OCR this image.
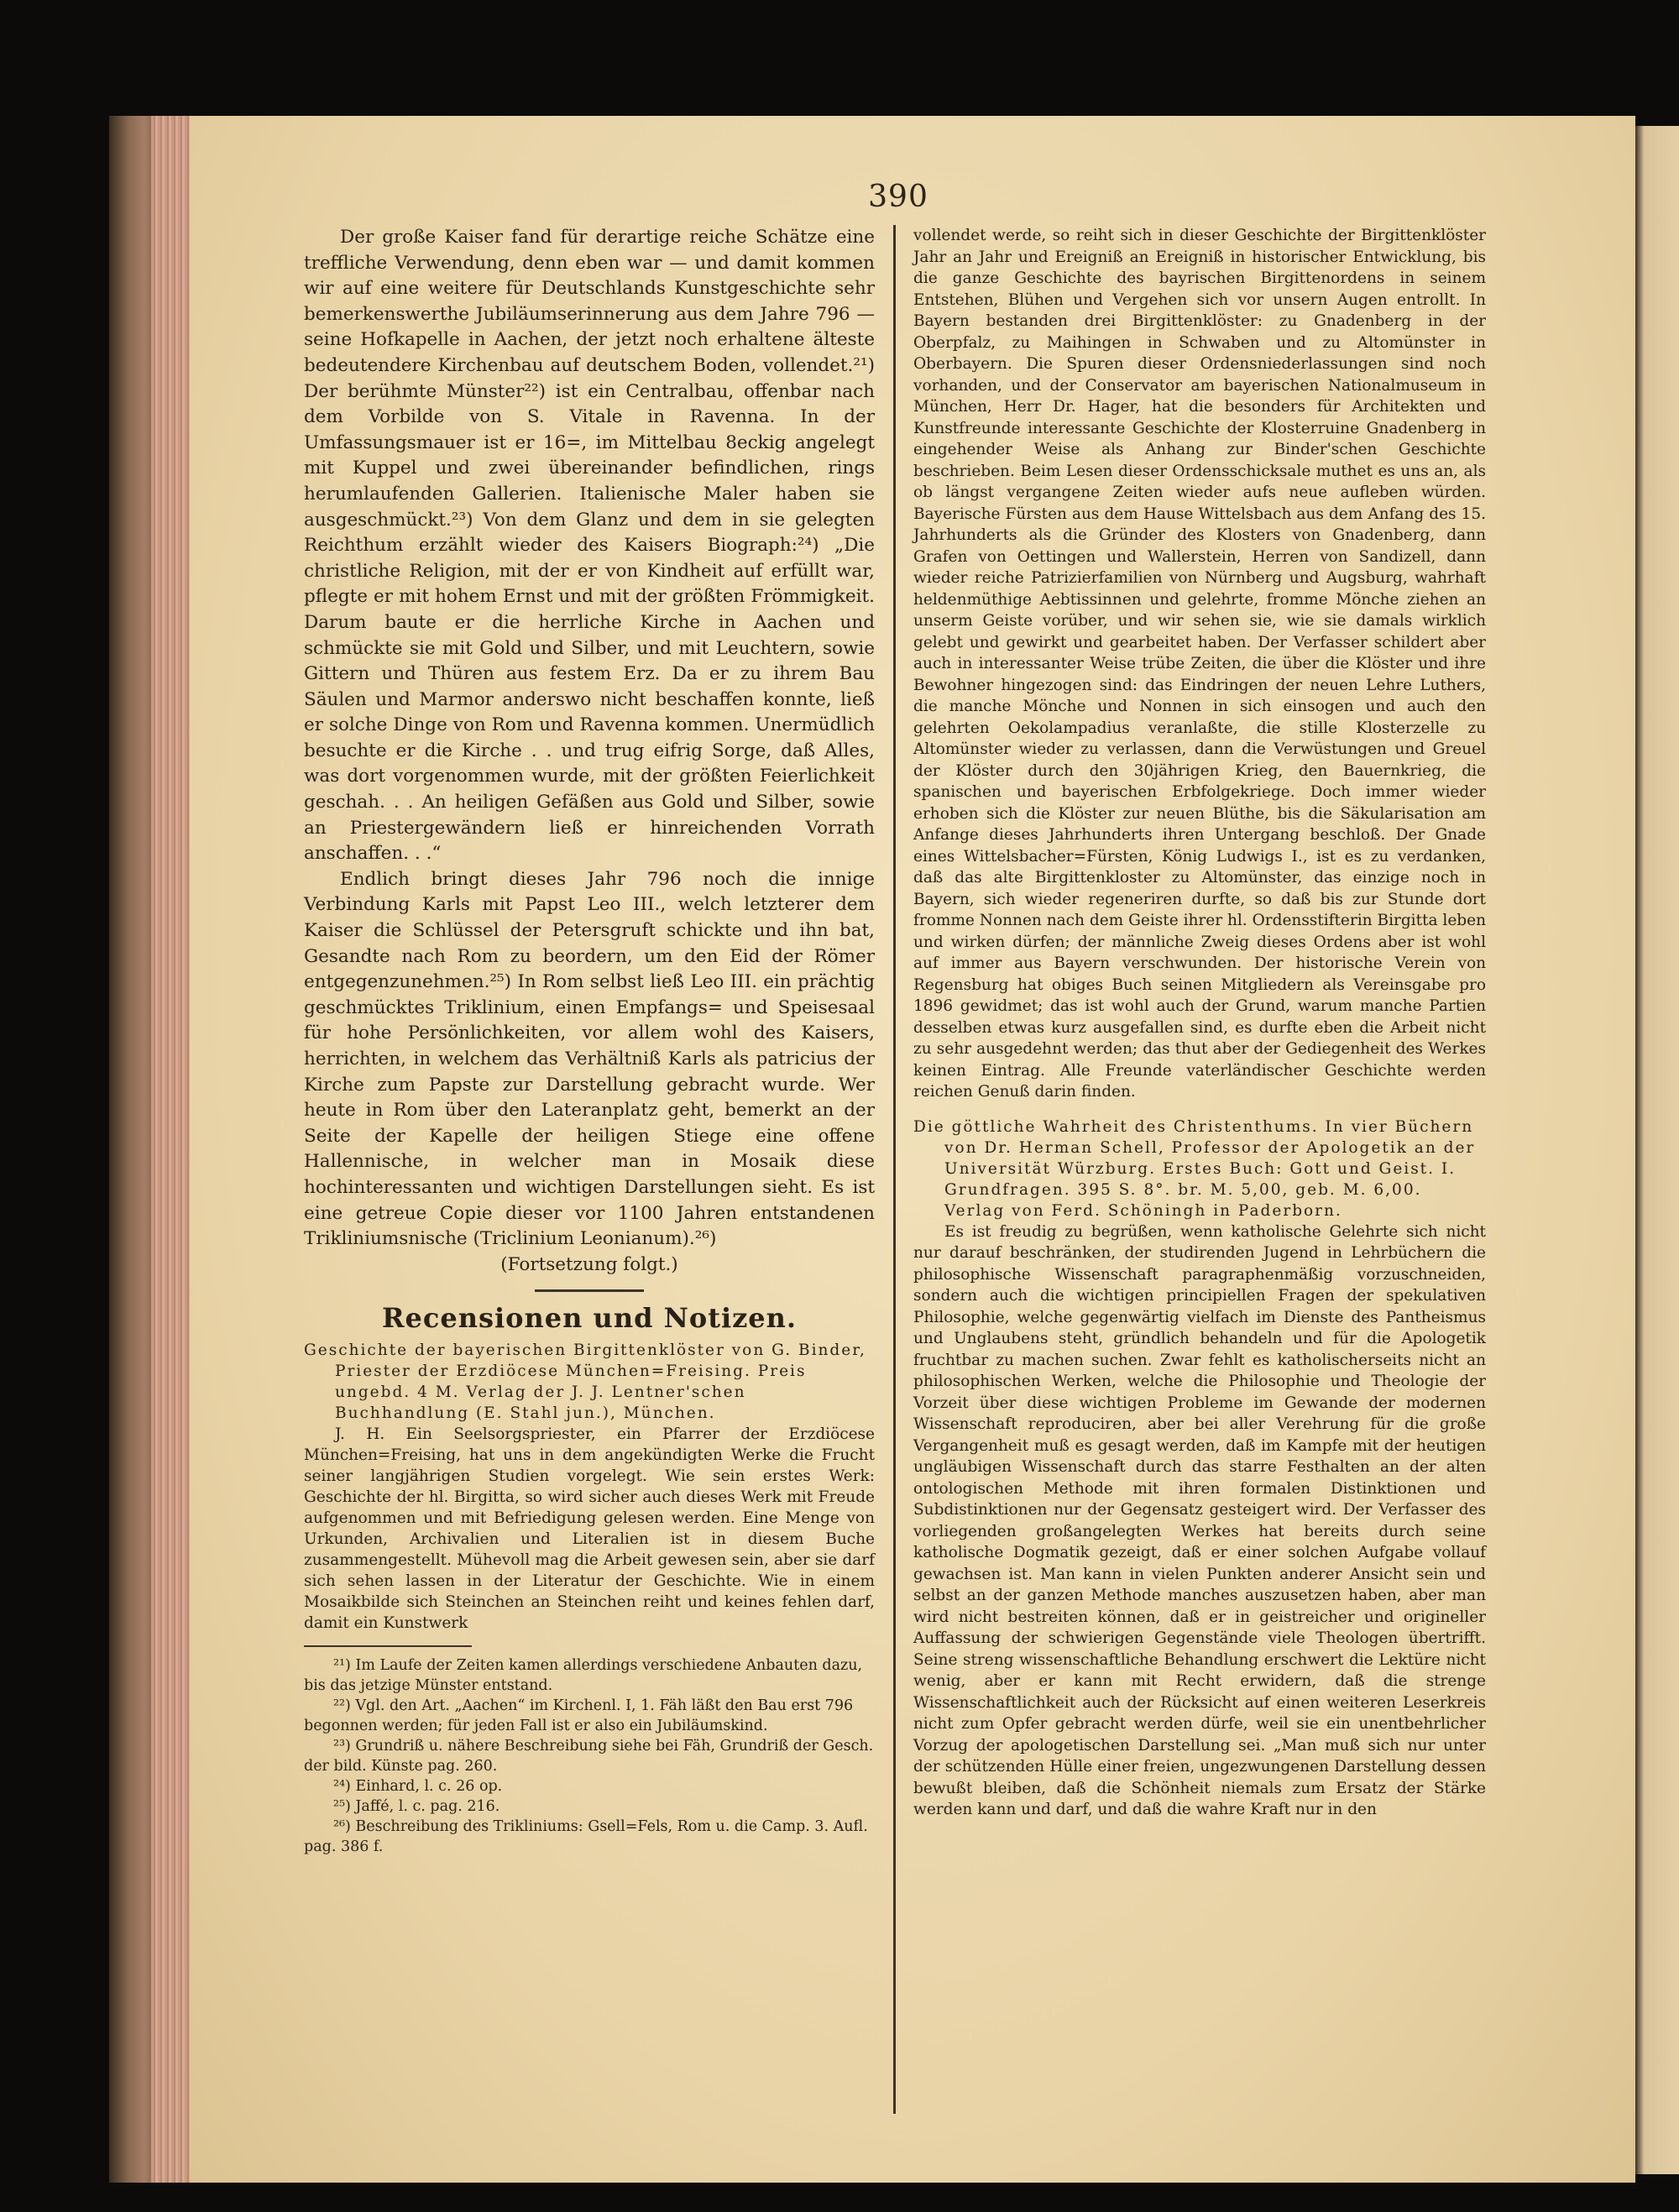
390

Der große Kaiser fand für derartige reiche Schätze eine treffliche Verwendung, denn eben war — und damit kommen wir auf eine weitere für Deutschlands Kunstgeschichte sehr bemerkenswerthe Jubiläumserinnerung aus dem Jahre 796 — seine Hofkapelle in Aachen, der jetzt noch erhaltene älteste bedeutendere Kirchenbau auf deutschem Boden, vollendet.²¹) Der berühmte Münster²²) ist ein Centralbau, offenbar nach dem Vorbilde von S. Vitale in Ravenna. In der Umfassungsmauer ist er 16=, im Mittelbau 8eckig angelegt mit Kuppel und zwei übereinander befindlichen, rings herumlaufenden Gallerien. Italienische Maler haben sie ausgeschmückt.²³) Von dem Glanz und dem in sie gelegten Reichthum erzählt wieder des Kaisers Biograph:²⁴) „Die christliche Religion, mit der er von Kindheit auf erfüllt war, pflegte er mit hohem Ernst und mit der größten Frömmigkeit. Darum baute er die herrliche Kirche in Aachen und schmückte sie mit Gold und Silber, und mit Leuchtern, sowie Gittern und Thüren aus festem Erz. Da er zu ihrem Bau Säulen und Marmor anderswo nicht beschaffen konnte, ließ er solche Dinge von Rom und Ravenna kommen. Unermüdlich besuchte er die Kirche . . und trug eifrig Sorge, daß Alles, was dort vorgenommen wurde, mit der größten Feierlichkeit geschah. . . An heiligen Gefäßen aus Gold und Silber, sowie an Priestergewändern ließ er hinreichenden Vorrath anschaffen. . .“

Endlich bringt dieses Jahr 796 noch die innige Verbindung Karls mit Papst Leo III., welch letzterer dem Kaiser die Schlüssel der Petersgruft schickte und ihn bat, Gesandte nach Rom zu beordern, um den Eid der Römer entgegenzunehmen.²⁵) In Rom selbst ließ Leo III. ein prächtig geschmücktes Triklinium, einen Empfangs= und Speisesaal für hohe Persönlichkeiten, vor allem wohl des Kaisers, herrichten, in welchem das Verhältniß Karls als patricius der Kirche zum Papste zur Darstellung gebracht wurde. Wer heute in Rom über den Lateranplatz geht, bemerkt an der Seite der Kapelle der heiligen Stiege eine offene Hallennische, in welcher man in Mosaik diese hochinteressanten und wichtigen Darstellungen sieht. Es ist eine getreue Copie dieser vor 1100 Jahren entstandenen Trikliniumsnische (Triclinium Leonianum).²⁶)

(Fortsetzung folgt.)

Recensionen und Notizen.
Geschichte der bayerischen Birgittenklöster von G. Binder, Priester der Erzdiöcese München=Freising. Preis ungebd. 4 M. Verlag der J. J. Lentner'schen Buchhandlung (E. Stahl jun.), München.

J. H. Ein Seelsorgspriester, ein Pfarrer der Erzdiöcese München=Freising, hat uns in dem angekündigten Werke die Frucht seiner langjährigen Studien vorgelegt. Wie sein erstes Werk: Geschichte der hl. Birgitta, so wird sicher auch dieses Werk mit Freude aufgenommen und mit Befriedigung gelesen werden. Eine Menge von Urkunden, Archivalien und Literalien ist in diesem Buche zusammengestellt. Mühevoll mag die Arbeit gewesen sein, aber sie darf sich sehen lassen in der Literatur der Geschichte. Wie in einem Mosaikbilde sich Steinchen an Steinchen reiht und keines fehlen darf, damit ein Kunstwerk

²¹) Im Laufe der Zeiten kamen allerdings verschiedene Anbauten dazu, bis das jetzige Münster entstand.
²²) Vgl. den Art. „Aachen“ im Kirchenl. I, 1. Fäh läßt den Bau erst 796 begonnen werden; für jeden Fall ist er also ein Jubiläumskind.
²³) Grundriß u. nähere Beschreibung siehe bei Fäh, Grundriß der Gesch. der bild. Künste pag. 260.
²⁴) Einhard, l. c. 26 op.
²⁵) Jaffé, l. c. pag. 216.
²⁶) Beschreibung des Trikliniums: Gsell=Fels, Rom u. die Camp. 3. Aufl. pag. 386 f.

vollendet werde, so reiht sich in dieser Geschichte der Birgittenklöster Jahr an Jahr und Ereigniß an Ereigniß in historischer Entwicklung, bis die ganze Geschichte des bayrischen Birgittenordens in seinem Entstehen, Blühen und Vergehen sich vor unsern Augen entrollt. In Bayern bestanden drei Birgittenklöster: zu Gnadenberg in der Oberpfalz, zu Maihingen in Schwaben und zu Altomünster in Oberbayern. Die Spuren dieser Ordensniederlassungen sind noch vorhanden, und der Conservator am bayerischen Nationalmuseum in München, Herr Dr. Hager, hat die besonders für Architekten und Kunstfreunde interessante Geschichte der Klosterruine Gnadenberg in eingehender Weise als Anhang zur Binder'schen Geschichte beschrieben. Beim Lesen dieser Ordensschicksale muthet es uns an, als ob längst vergangene Zeiten wieder aufs neue aufleben würden. Bayerische Fürsten aus dem Hause Wittelsbach aus dem Anfang des 15. Jahrhunderts als die Gründer des Klosters von Gnadenberg, dann Grafen von Oettingen und Wallerstein, Herren von Sandizell, dann wieder reiche Patrizierfamilien von Nürnberg und Augsburg, wahrhaft heldenmüthige Aebtissinnen und gelehrte, fromme Mönche ziehen an unserm Geiste vorüber, und wir sehen sie, wie sie damals wirklich gelebt und gewirkt und gearbeitet haben. Der Verfasser schildert aber auch in interessanter Weise trübe Zeiten, die über die Klöster und ihre Bewohner hingezogen sind: das Eindringen der neuen Lehre Luthers, die manche Mönche und Nonnen in sich einsogen und auch den gelehrten Oekolampadius veranlaßte, die stille Klosterzelle zu Altomünster wieder zu verlassen, dann die Verwüstungen und Greuel der Klöster durch den 30jährigen Krieg, den Bauernkrieg, die spanischen und bayerischen Erbfolgekriege. Doch immer wieder erhoben sich die Klöster zur neuen Blüthe, bis die Säkularisation am Anfange dieses Jahrhunderts ihren Untergang beschloß. Der Gnade eines Wittelsbacher=Fürsten, König Ludwigs I., ist es zu verdanken, daß das alte Birgittenkloster zu Altomünster, das einzige noch in Bayern, sich wieder regeneriren durfte, so daß bis zur Stunde dort fromme Nonnen nach dem Geiste ihrer hl. Ordensstifterin Birgitta leben und wirken dürfen; der männliche Zweig dieses Ordens aber ist wohl auf immer aus Bayern verschwunden. Der historische Verein von Regensburg hat obiges Buch seinen Mitgliedern als Vereinsgabe pro 1896 gewidmet; das ist wohl auch der Grund, warum manche Partien desselben etwas kurz ausgefallen sind, es durfte eben die Arbeit nicht zu sehr ausgedehnt werden; das thut aber der Gediegenheit des Werkes keinen Eintrag. Alle Freunde vaterländischer Geschichte werden reichen Genuß darin finden.

Die göttliche Wahrheit des Christenthums. In vier Büchern von Dr. Herman Schell, Professor der Apologetik an der Universität Würzburg. Erstes Buch: Gott und Geist. I. Grundfragen. 395 S. 8°. br. M. 5,00, geb. M. 6,00. Verlag von Ferd. Schöningh in Paderborn.

Es ist freudig zu begrüßen, wenn katholische Gelehrte sich nicht nur darauf beschränken, der studirenden Jugend in Lehrbüchern die philosophische Wissenschaft paragraphenmäßig vorzuschneiden, sondern auch die wichtigen principiellen Fragen der spekulativen Philosophie, welche gegenwärtig vielfach im Dienste des Pantheismus und Unglaubens steht, gründlich behandeln und für die Apologetik fruchtbar zu machen suchen. Zwar fehlt es katholischerseits nicht an philosophischen Werken, welche die Philosophie und Theologie der Vorzeit über diese wichtigen Probleme im Gewande der modernen Wissenschaft reproduciren, aber bei aller Verehrung für die große Vergangenheit muß es gesagt werden, daß im Kampfe mit der heutigen ungläubigen Wissenschaft durch das starre Festhalten an der alten ontologischen Methode mit ihren formalen Distinktionen und Subdistinktionen nur der Gegensatz gesteigert wird. Der Verfasser des vorliegenden großangelegten Werkes hat bereits durch seine katholische Dogmatik gezeigt, daß er einer solchen Aufgabe vollauf gewachsen ist. Man kann in vielen Punkten anderer Ansicht sein und selbst an der ganzen Methode manches auszusetzen haben, aber man wird nicht bestreiten können, daß er in geistreicher und origineller Auffassung der schwierigen Gegenstände viele Theologen übertrifft. Seine streng wissenschaftliche Behandlung erschwert die Lektüre nicht wenig, aber er kann mit Recht erwidern, daß die strenge Wissenschaftlichkeit auch der Rücksicht auf einen weiteren Leserkreis nicht zum Opfer gebracht werden dürfe, weil sie ein unentbehrlicher Vorzug der apologetischen Darstellung sei. „Man muß sich nur unter der schützenden Hülle einer freien, ungezwungenen Darstellung dessen bewußt bleiben, daß die Schönheit niemals zum Ersatz der Stärke werden kann und darf, und daß die wahre Kraft nur in den
